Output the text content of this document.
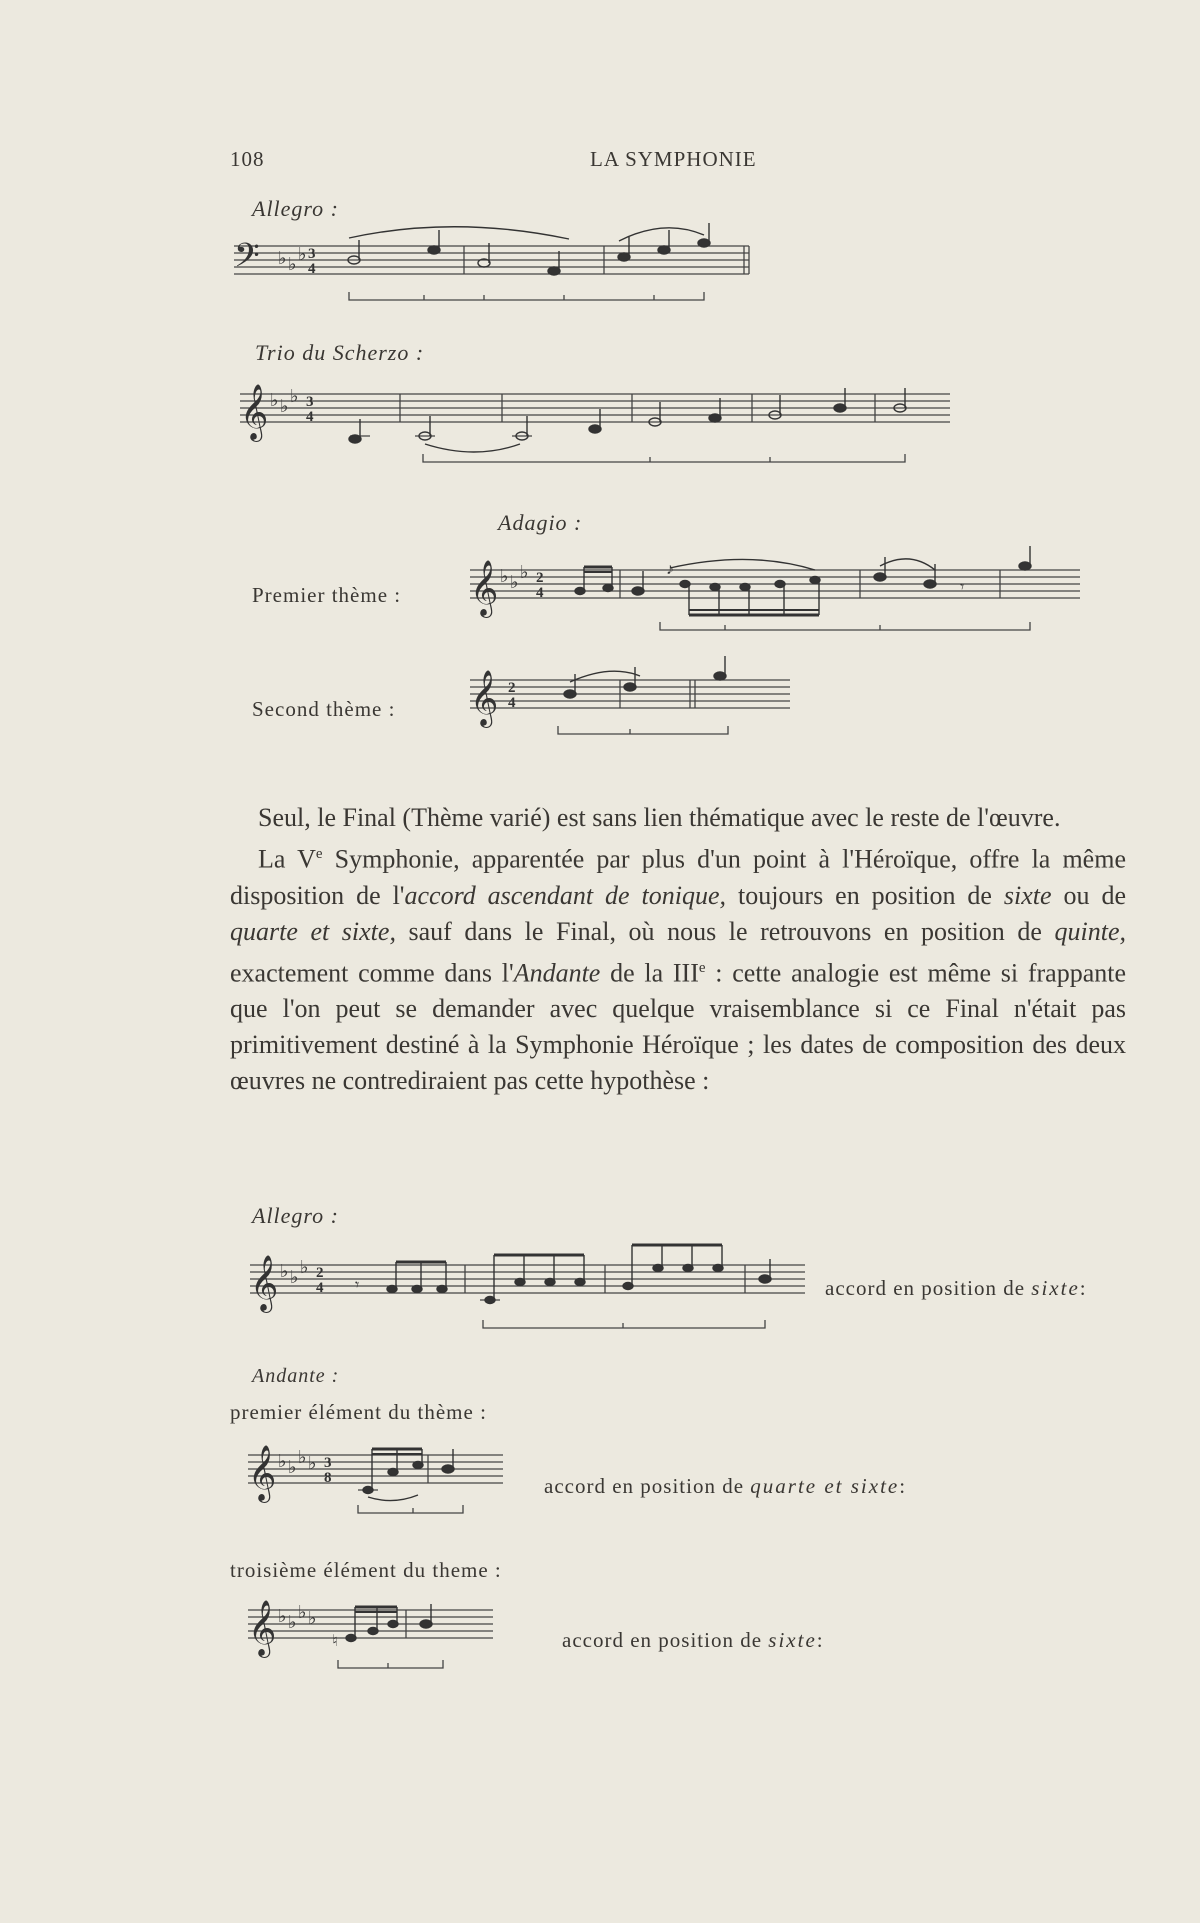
108	LA SYMPHONIE
Allegro :
𝄢 ♭ ♭ ♭ 3
4
Trio du Scherzo :
𝄞 ♭ ♭ ♭ 3
4
Adagio :
Premier thème : 𝄞 ♭ ♭ ♭ 2
4
♪
𝄾
Second thème : 𝄞 2
4

Seul, le Final (Thème varié) est sans lien thématique avec le reste de l'œuvre.

La Ve Symphonie, apparentée par plus d'un point à l'Héroïque, offre la même disposition de l'accord ascendant de tonique, toujours en position de sixte ou de quarte et sixte, sauf dans le Final, où nous le retrouvons en position de quinte, exactement comme dans l'Andante de la IIIe : cette analogie est même si frappante que l'on peut se demander avec quelque vraisemblance si ce Final n'était pas primitivement destiné à la Symphonie Héroïque ; les dates de composition des deux œuvres ne contrediraient pas cette hypothèse :

Allegro :
𝄞 ♭ ♭ ♭ 2
4 𝄾	accord en position de sixte:
Andante :
premier élément du thème :
𝄞 ♭ ♭ ♭ ♭ 3
8	accord en position de quarte et sixte:
troisième élément du theme :
𝄞 ♭ ♭ ♭ ♭
♮	accord en position de sixte:
